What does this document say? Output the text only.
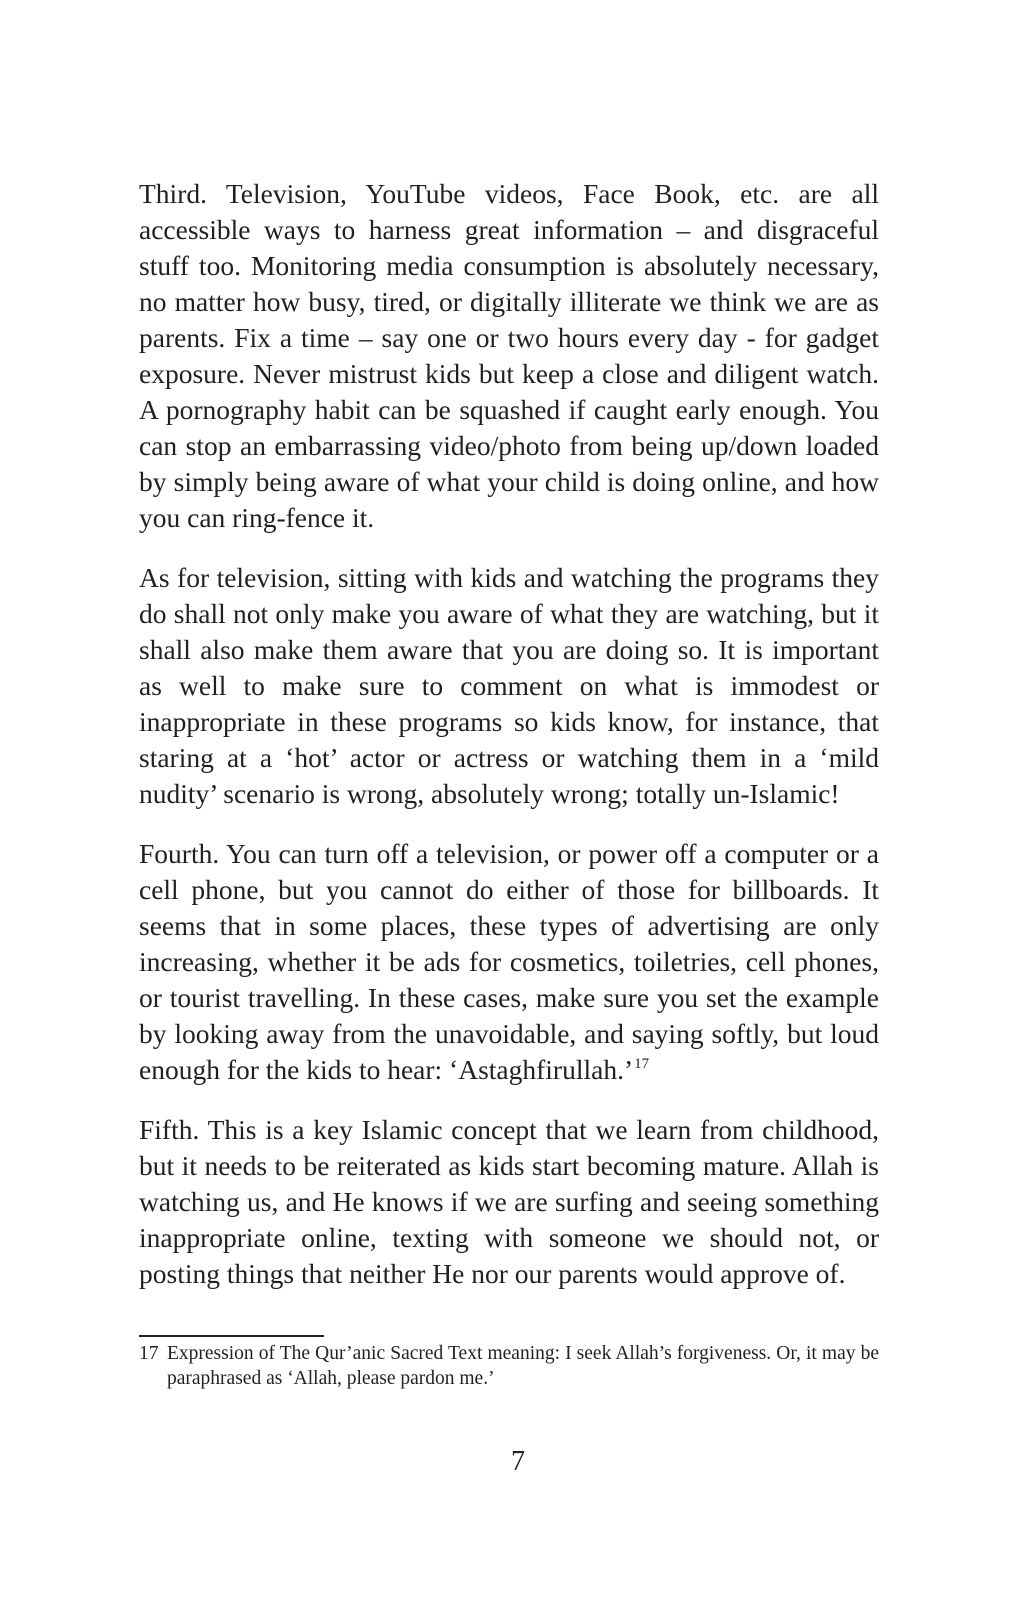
Third. Television, YouTube videos, Face Book, etc. are all accessible ways to harness great information – and disgraceful stuff too. Monitoring media consumption is absolutely necessary, no matter how busy, tired, or digitally illiterate we think we are as parents. Fix a time – say one or two hours every day - for gadget exposure. Never mistrust kids but keep a close and diligent watch. A pornography habit can be squashed if caught early enough. You can stop an embarrassing video/photo from being up/down loaded by simply being aware of what your child is doing online, and how you can ring-fence it.

As for television, sitting with kids and watching the programs they do shall not only make you aware of what they are watching, but it shall also make them aware that you are doing so. It is important as well to make sure to comment on what is immodest or inappropriate in these programs so kids know, for instance, that staring at a ‘hot’ actor or actress or watching them in a ‘mild nudity’ scenario is wrong, absolutely wrong; totally un-Islamic!

Fourth. You can turn off a television, or power off a computer or a cell phone, but you cannot do either of those for billboards. It seems that in some places, these types of advertising are only increasing, whether it be ads for cosmetics, toiletries, cell phones, or tourist travelling. In these cases, make sure you set the example by looking away from the unavoidable, and saying softly, but loud enough for the kids to hear: ‘Astaghfirullah.’$^{17}$

Fifth. This is a key Islamic concept that we learn from childhood, but it needs to be reiterated as kids start becoming mature. Allah is watching us, and He knows if we are surfing and seeing something inappropriate online, texting with someone we should not, or posting things that neither He nor our parents would approve of.

17 Expression of The Qur’anic Sacred Text meaning: I seek Allah’s forgiveness. Or, it may be paraphrased as ‘Allah, please pardon me.’
7
